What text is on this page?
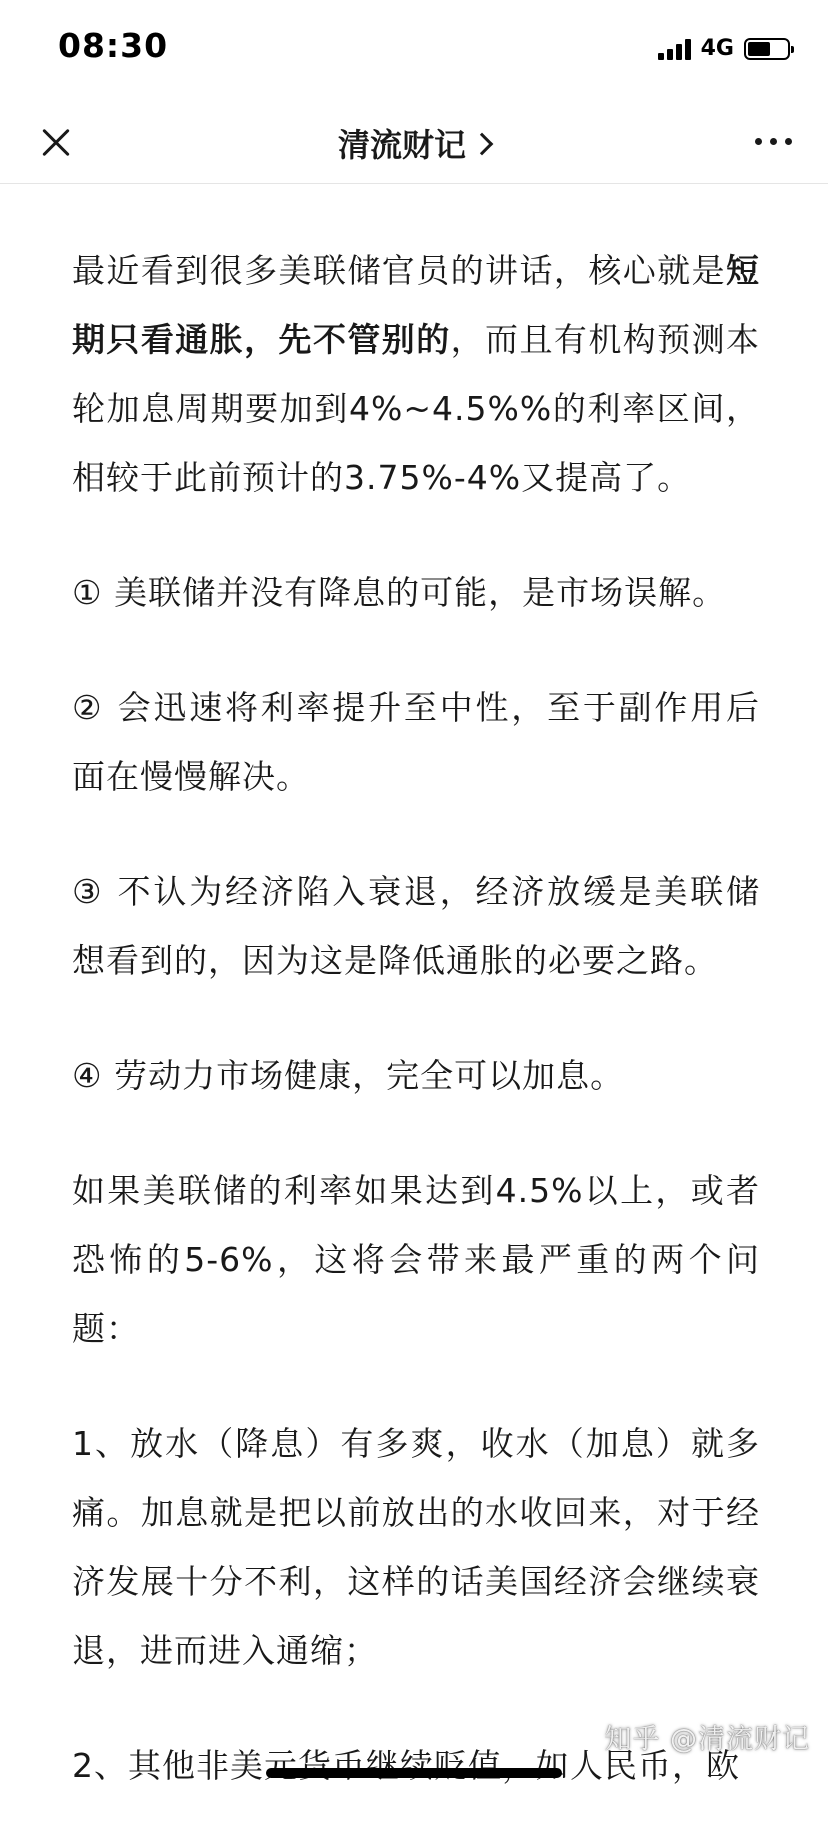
08:30	4G
清流财记

最近看到很多美联储官员的讲话，核心就是短期只看通胀，先不管别的，而且有机构预测本轮加息周期要加到4%~4.5%%的利率区间，相较于此前预计的3.75%-4%又提高了。

① 美联储并没有降息的可能，是市场误解。

② 会迅速将利率提升至中性，至于副作用后面在慢慢解决。

③ 不认为经济陷入衰退，经济放缓是美联储想看到的，因为这是降低通胀的必要之路。

④ 劳动力市场健康，完全可以加息。

如果美联储的利率如果达到4.5%以上，或者恐怖的5-6%，这将会带来最严重的两个问题：

1、放水（降息）有多爽，收水（加息）就多痛。加息就是把以前放出的水收回来，对于经济发展十分不利，这样的话美国经济会继续衰退，进而进入通缩；

2、其他非美元货币继续贬值，如人民币，欧

知乎 @清流财记
